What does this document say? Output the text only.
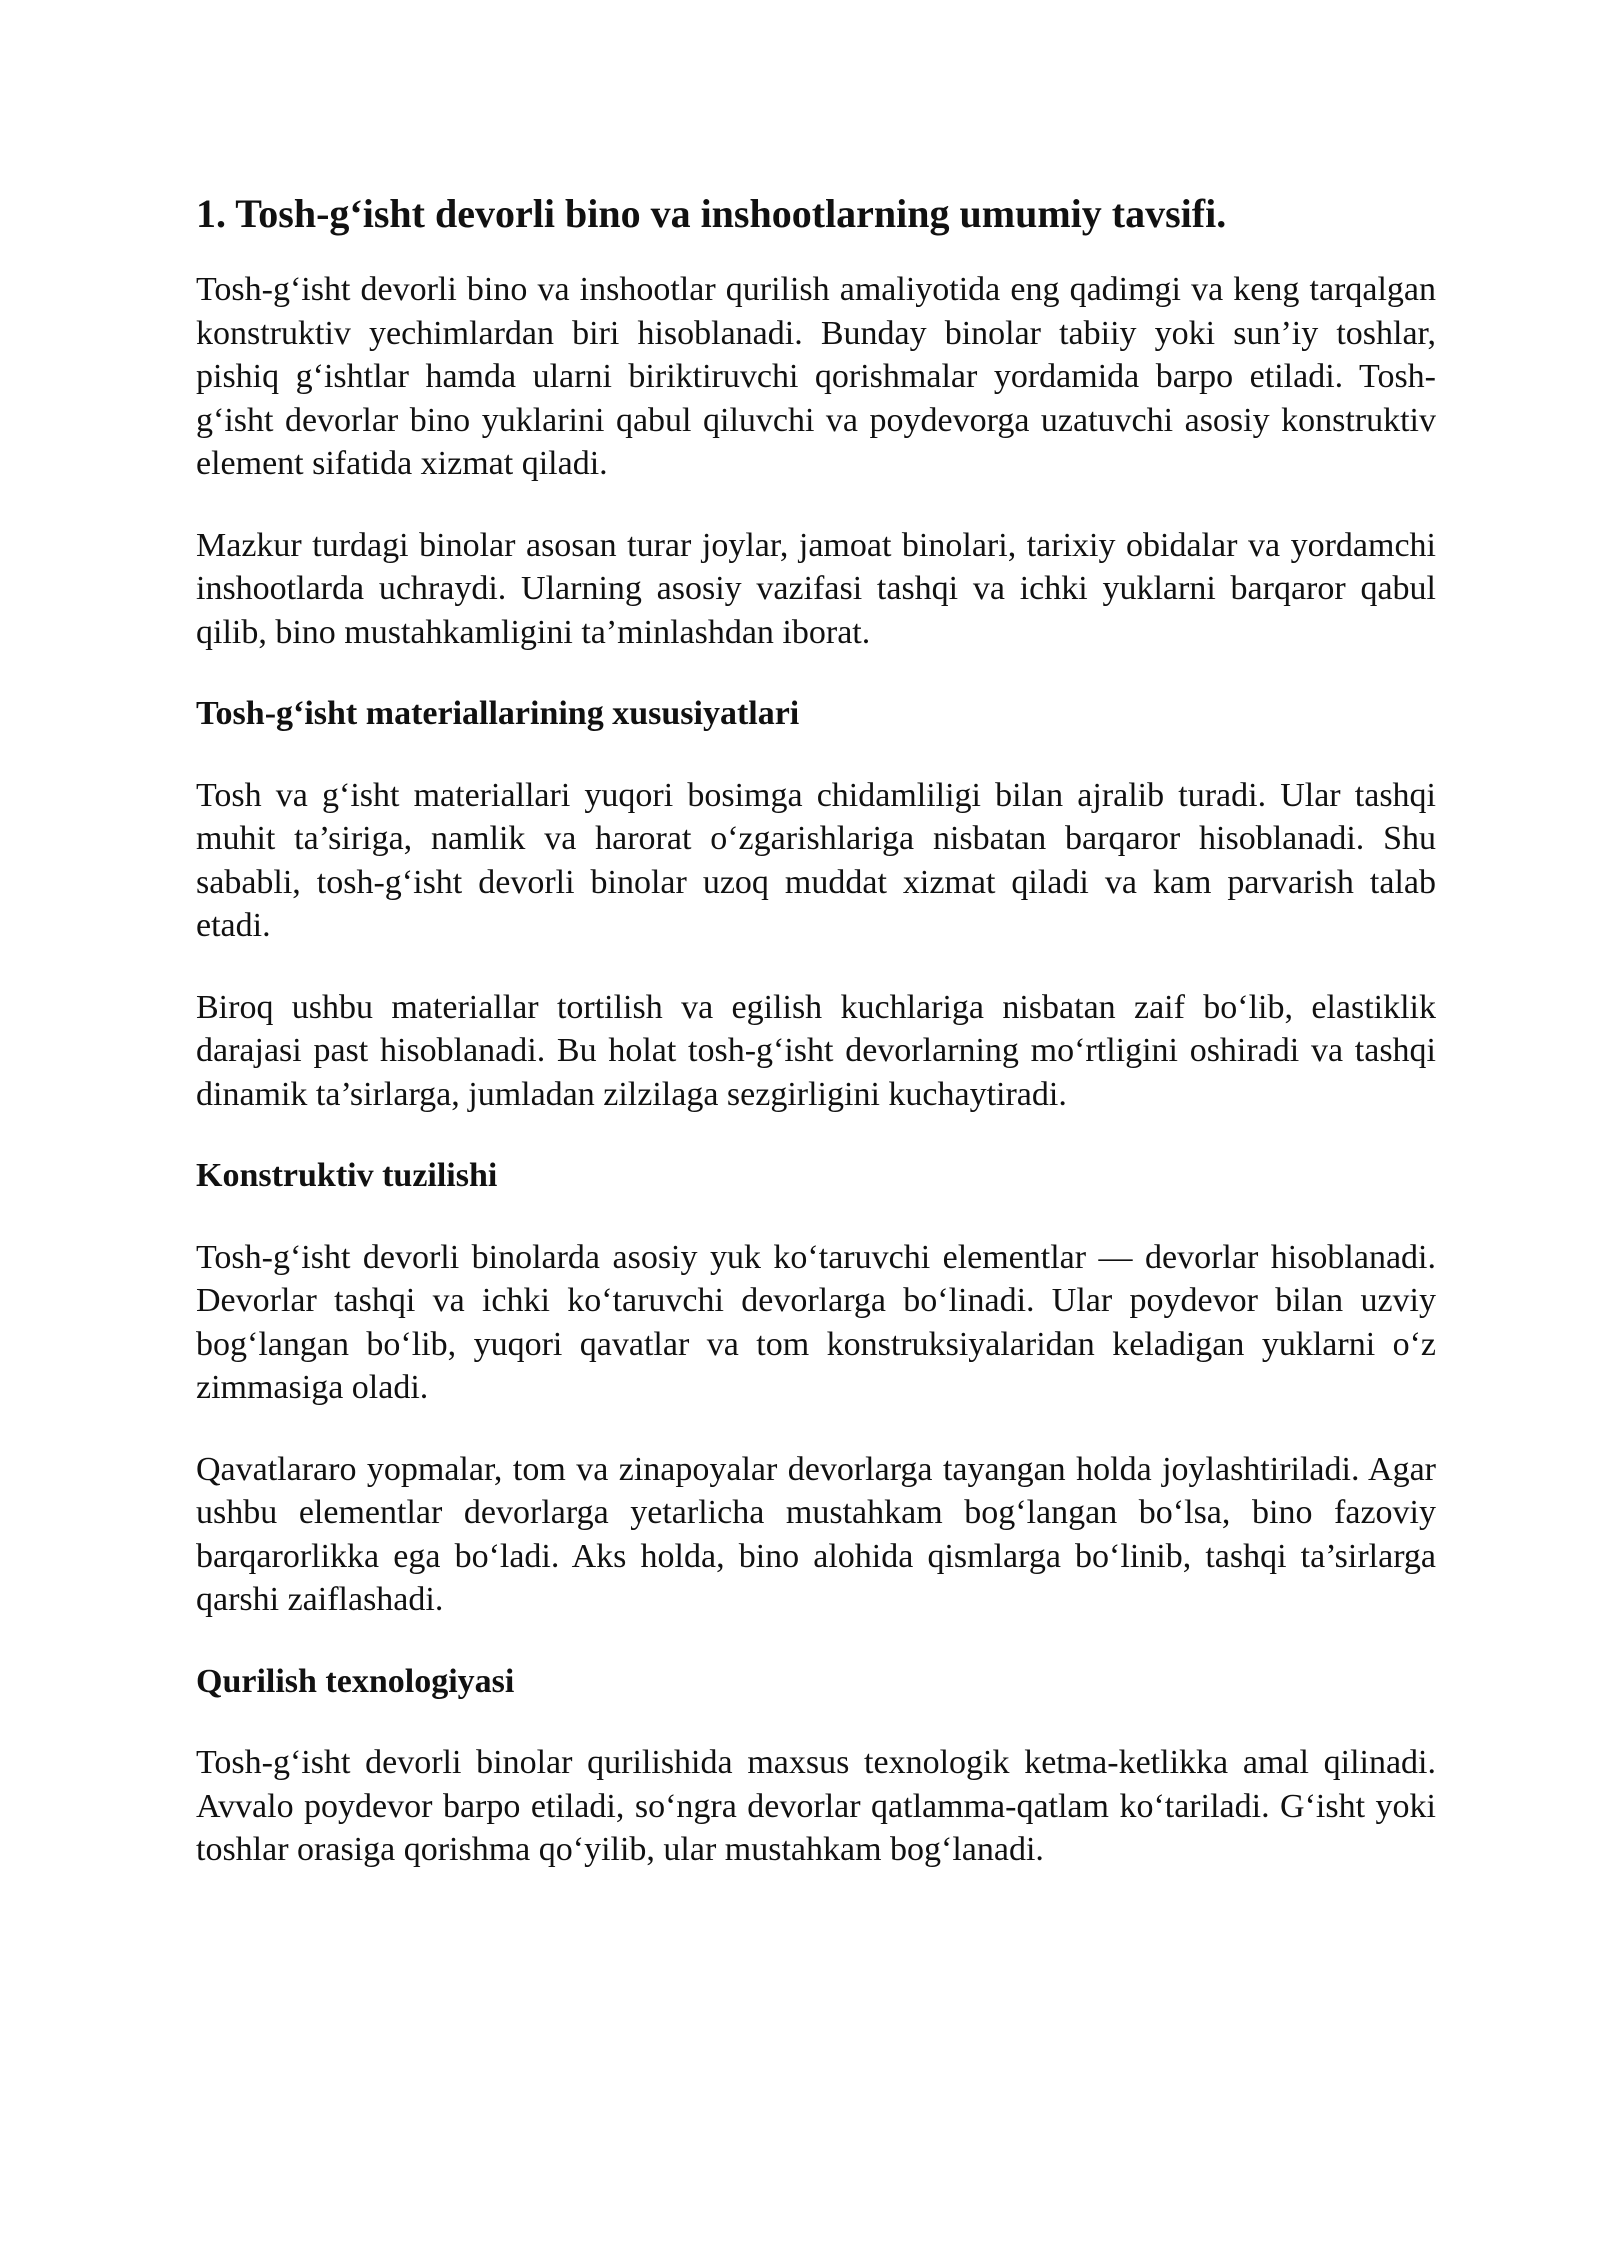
1. Tosh-g‘isht devorli bino va inshootlarning umumiy tavsifi.

Tosh-g‘isht devorli bino va inshootlar qurilish amaliyotida eng qadimgi va keng tarqalgan konstruktiv yechimlardan biri hisoblanadi. Bunday binolar tabiiy yoki sun’iy toshlar, pishiq g‘ishtlar hamda ularni biriktiruvchi qorishmalar yordamida barpo etiladi. Tosh-g‘isht devorlar bino yuklarini qabul qiluvchi va poydevorga uzatuvchi asosiy konstruktiv element sifatida xizmat qiladi.

Mazkur turdagi binolar asosan turar joylar, jamoat binolari, tarixiy obidalar va yordamchi inshootlarda uchraydi. Ularning asosiy vazifasi tashqi va ichki yuklarni barqaror qabul qilib, bino mustahkamligini ta’minlashdan iborat.

Tosh-g‘isht materiallarining xususiyatlari

Tosh va g‘isht materiallari yuqori bosimga chidamliligi bilan ajralib turadi. Ular tashqi muhit ta’siriga, namlik va harorat o‘zgarishlariga nisbatan barqaror hisoblanadi. Shu sababli, tosh-g‘isht devorli binolar uzoq muddat xizmat qiladi va kam parvarish talab etadi.

Biroq ushbu materiallar tortilish va egilish kuchlariga nisbatan zaif bo‘lib, elastiklik darajasi past hisoblanadi. Bu holat tosh-g‘isht devorlarning mo‘rtligini oshiradi va tashqi dinamik ta’sirlarga, jumladan zilzilaga sezgirligini kuchaytiradi.

Konstruktiv tuzilishi

Tosh-g‘isht devorli binolarda asosiy yuk ko‘taruvchi elementlar — devorlar hisoblanadi. Devorlar tashqi va ichki ko‘taruvchi devorlarga bo‘linadi. Ular poydevor bilan uzviy bog‘langan bo‘lib, yuqori qavatlar va tom konstruksiyalaridan keladigan yuklarni o‘z zimmasiga oladi.

Qavatlararo yopmalar, tom va zinapoyalar devorlarga tayangan holda joylashtiriladi. Agar ushbu elementlar devorlarga yetarlicha mustahkam bog‘langan bo‘lsa, bino fazoviy barqarorlikka ega bo‘ladi. Aks holda, bino alohida qismlarga bo‘linib, tashqi ta’sirlarga qarshi zaiflashadi.

Qurilish texnologiyasi

Tosh-g‘isht devorli binolar qurilishida maxsus texnologik ketma-ketlikka amal qilinadi. Avvalo poydevor barpo etiladi, so‘ngra devorlar qatlamma-qatlam ko‘tariladi. G‘isht yoki toshlar orasiga qorishma qo‘yilib, ular mustahkam bog‘lanadi.
